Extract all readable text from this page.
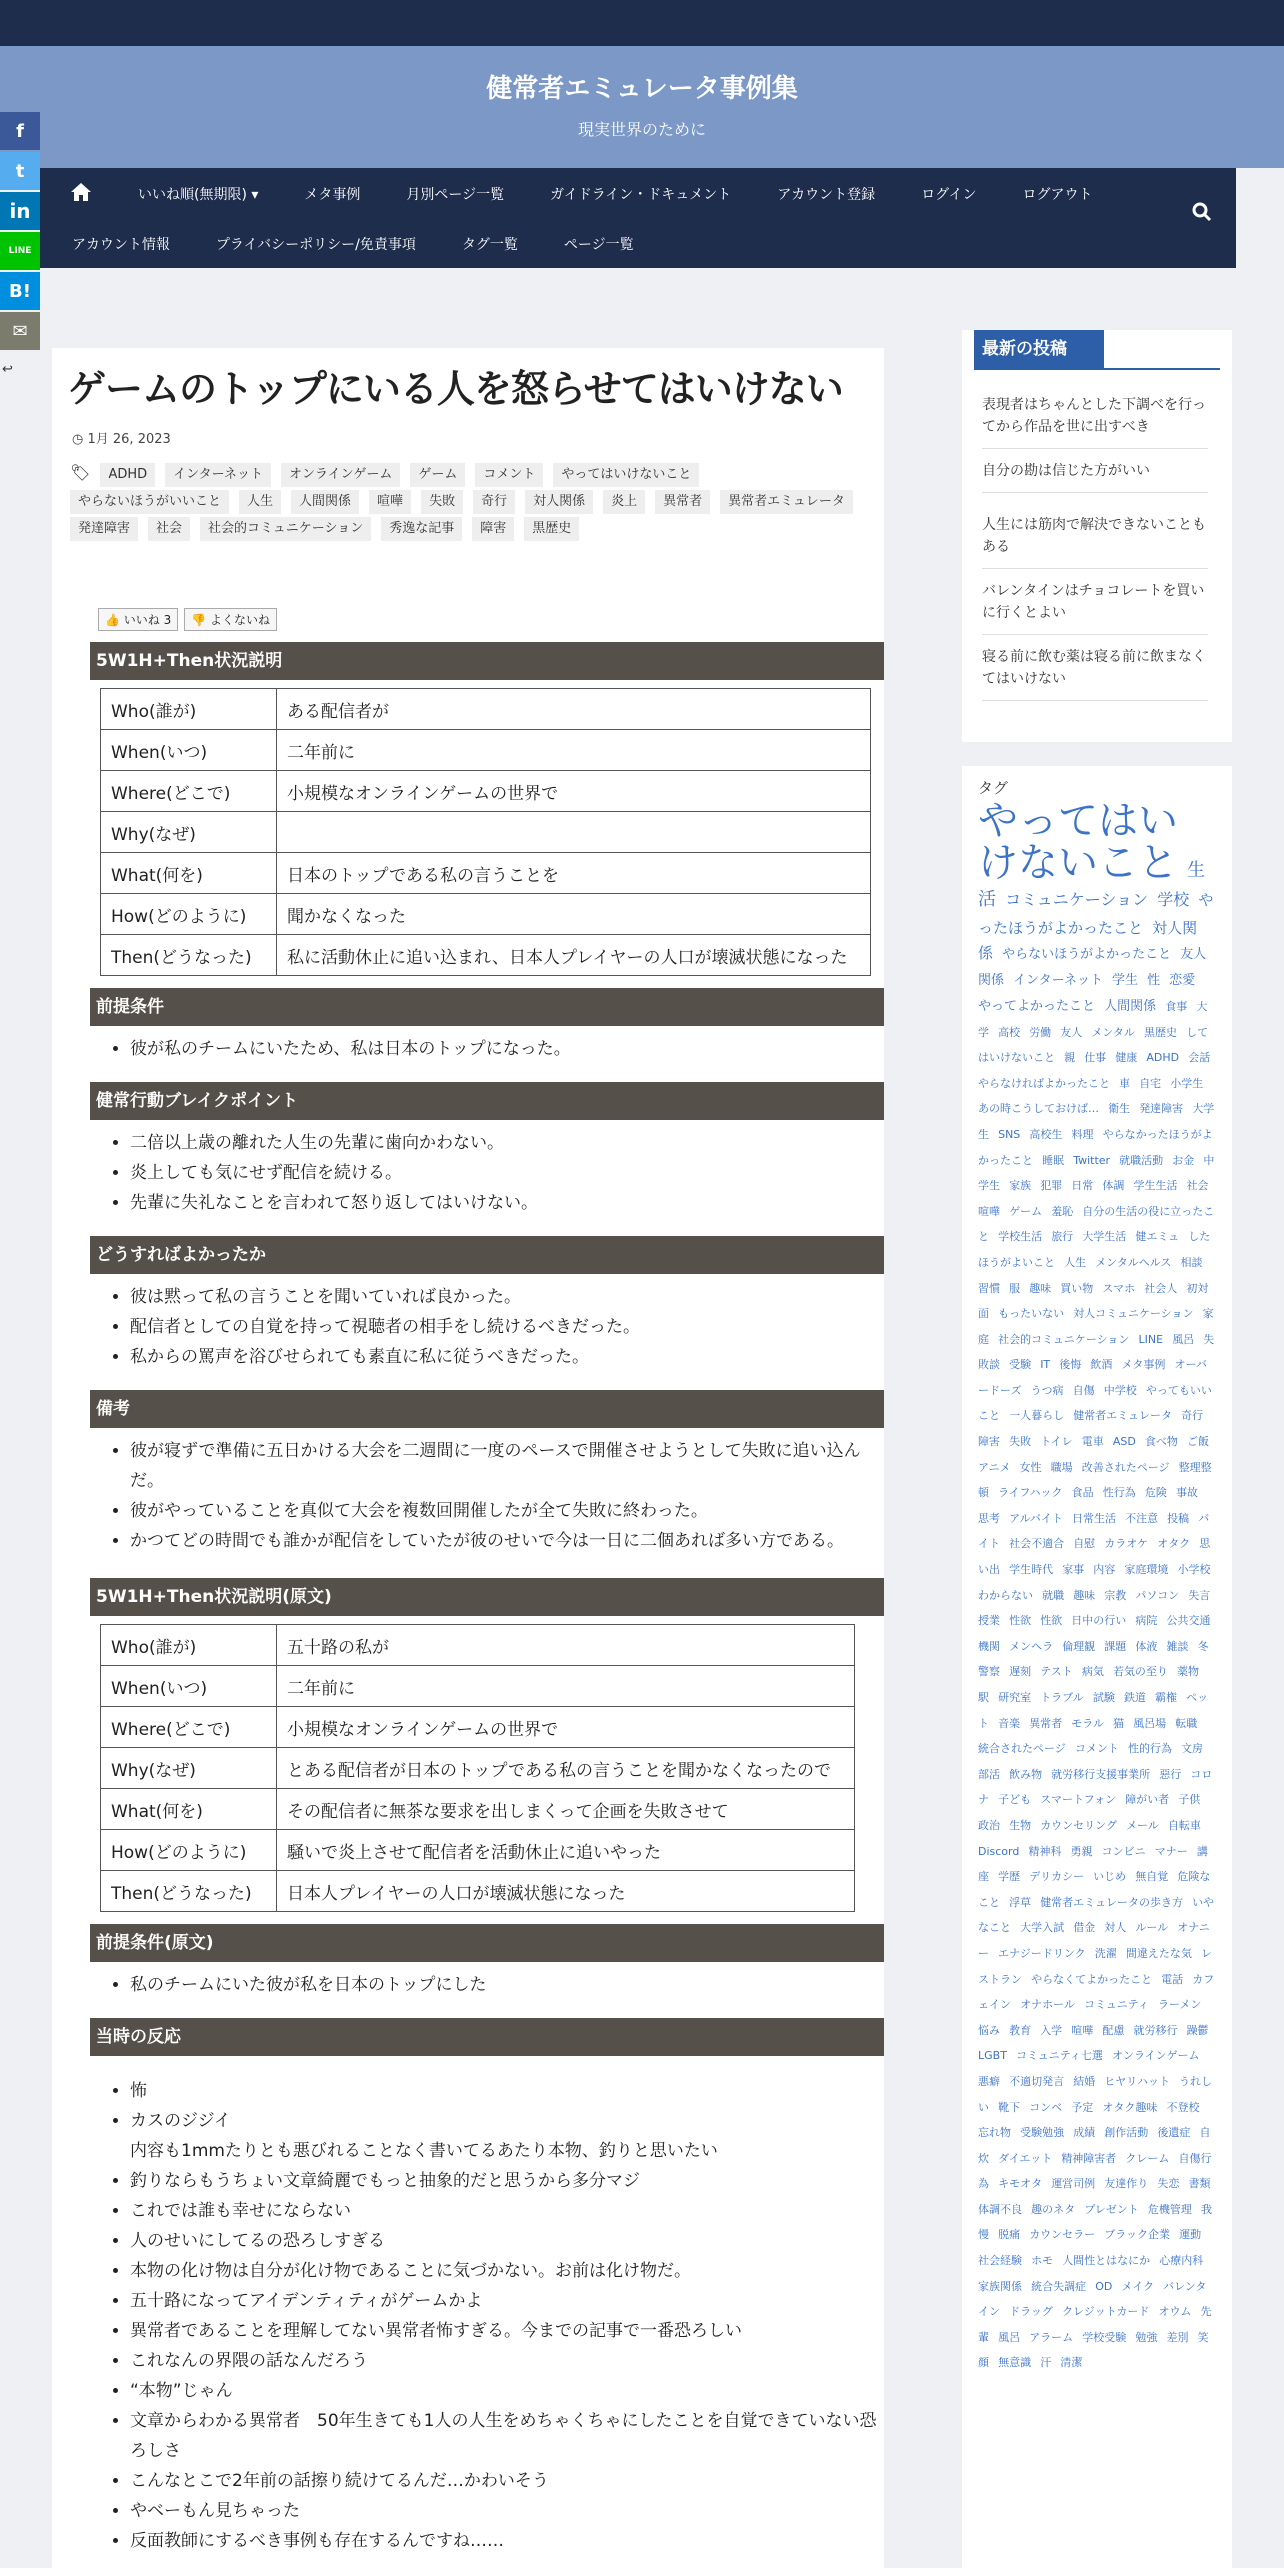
健常者エミュレータ事例集
現実世界のために
いいね順(無期限) ▾	メタ事例	月別ページ一覧	ガイドライン・ドキュメント	アカウント登録	ログイン	ログアウト
アカウント情報	プライバシーポリシー/免責事項	タグ一覧	ページ一覧
f
t
in
LINE
B!
✉
↩ ゲームのトップにいる人を怒らせてはいけない
◷ 1月 26, 2023
🏷 ADHD インターネット オンラインゲーム ゲーム コメント やってはいけないことやらないほうがいいこと 人生 人間関係 喧嘩 失敗 奇行 対人関係 炎上 異常者 異常者エミュレータ発達障害 社会 社会的コミュニケーション 秀逸な記事 障害 黒歴史
👍 いいね 3	👎 よくないね
5W1H+Then状況説明
Who(誰が)	ある配信者が
When(いつ)	二年前に
Where(どこで)	小規模なオンラインゲームの世界で
Why(なぜ)	
What(何を)	日本のトップである私の言うことを
How(どのように)	聞かなくなった
Then(どうなった)	私に活動休止に追い込まれ、日本人プレイヤーの人口が壊滅状態になった
前提条件
• 彼が私のチームにいたため、私は日本のトップになった。
健常行動ブレイクポイント
• 二倍以上歳の離れた人生の先輩に歯向かわない。
• 炎上しても気にせず配信を続ける。
• 先輩に失礼なことを言われて怒り返してはいけない。
どうすればよかったか
• 彼は黙って私の言うことを聞いていれば良かった。
• 配信者としての自覚を持って視聴者の相手をし続けるべきだった。
• 私からの罵声を浴びせられても素直に私に従うべきだった。
備考
• 彼が寝ずで準備に五日かける大会を二週間に一度のペースで開催させようとして失敗に追い込んだ。
• 彼がやっていることを真似て大会を複数回開催したが全て失敗に終わった。
• かつてどの時間でも誰かが配信をしていたが彼のせいで今は一日に二個あれば多い方である。
5W1H+Then状況説明(原文)
Who(誰が)	五十路の私が
When(いつ)	二年前に
Where(どこで)	小規模なオンラインゲームの世界で
Why(なぜ)	とある配信者が日本のトップである私の言うことを聞かなくなったので
What(何を)	その配信者に無茶な要求を出しまくって企画を失敗させて
How(どのように)	騒いで炎上させて配信者を活動休止に追いやった
Then(どうなった)	日本人プレイヤーの人口が壊滅状態になった
前提条件(原文)
• 私のチームにいた彼が私を日本のトップにした
当時の反応
• 怖
• カスのジジイ
内容も1mmたりとも悪びれることなく書いてるあたり本物、釣りと思いたい
• 釣りならもうちょい文章綺麗でもっと抽象的だと思うから多分マジ
• これでは誰も幸せにならない
• 人のせいにしてるの恐ろしすぎる
• 本物の化け物は自分が化け物であることに気づかない。お前は化け物だ。
• 五十路になってアイデンティティがゲームかよ
• 異常者であることを理解してない異常者怖すぎる。今までの記事で一番恐ろしい
• これなんの界隈の話なんだろう
• “本物”じゃん
• 文章からわかる異常者　50年生きても1人の人生をめちゃくちゃにしたことを自覚できていない恐ろしさ
• こんなとこで2年前の話擦り続けてるんだ…かわいそう
• やベーもん見ちゃった
• 反面教師にするべき事例も存在するんですね……
最新の投稿
表現者はちゃんとした下調べを行ってから作品を世に出すべき
自分の勘は信じた方がいい
人生には筋肉で解決できないこともある
バレンタインはチョコレートを買いに行くとよい
寝る前に飲む薬は寝る前に飲まなくてはいけない
タグ
やってはいけないこと 生活 コミュニケーション 学校 やったほうがよかったこと 対人関係 やらないほうがよかったこと 友人関係 インターネット 学生 性 恋愛 やってよかったこと 人間関係 食事 大学 高校 労働 友人 メンタル 黒歴史 してはいけないこと 親 仕事 健康 ADHD 会話 やらなければよかったこと 車 自宅 小学生 あの時こうしておけば… 衛生 発達障害 大学生 SNS 高校生 料理 やらなかったほうがよかったこと 睡眠 Twitter 就職活動 お金 中学生 家族 犯罪 日常 体調 学生生活 社会 喧嘩 ゲーム 羞恥 自分の生活の役に立ったこと 学校生活 旅行 大学生活 健エミュ したほうがよいこと 人生 メンタルヘルス 相談 習慣 服 趣味 買い物 スマホ 社会人 初対面 もったいない 対人コミュニケーション 家庭 社会的コミュニケーション LINE 風呂 失敗談 受験 IT 後悔 飲酒 メタ事例 オーバードーズ うつ病 自傷 中学校 やってもいいこと 一人暮らし 健常者エミュレータ 奇行 障害 失敗 トイレ 電車 ASD 食べ物 ご飯 アニメ 女性 職場 改善されたページ 整理整頓 ライフハック 食品 性行為 危険 事故 思考 アルバイト 日常生活 不注意 投稿 バイト 社会不適合 自慰 カラオケ オタク 思い出 学生時代 家事 内容 家庭環境 小学校 わからない 就職 趣味 宗教 パソコン 失言 授業 性欲 性欲 日中の行い 病院 公共交通機関 メンヘラ 倫理観 課題 体液 雑談 冬 警察 遅刻 テスト 病気 若気の至り 薬物 駅 研究室 トラブル 試験 鉄道 霸権 ペット 音楽 異常者 モラル 猫 風呂場 転職 統合されたページ コメント 性的行為 文房 部活 飲み物 就労移行支援事業所 惡行 コロナ 子ども スマートフォン 障がい者 子供 政治 生物 カウンセリング メール 自転車 Discord 精神科 勇親 コンビニ マナー 講座 学歴 デリカシー いじめ 無自覚 危険なこと 浮草 健常者エミュレータの歩き方 いやなこと 大学入試 借金 対人 ルール オナニー エナジードリンク 洗濯 間違えたな気 レストラン やらなくてよかったこと 電話 カフェイン オナホール コミュニティ ラーメン 悩み 教育 入学 喧嘩 配慮 就労移行 躁鬱 LGBT コミュニティ七選 オンラインゲーム 悪癖 不適切発言 結婚 ヒヤリハット うれしい 靴下 コンベ 予定 オタク趣味 不登校 忘れ物 受験勉強 成績 創作活動 後遺症 自炊 ダイエット 精神障害者 クレーム 自傷行為 キモオタ 運営司例 友達作り 失恋 書類 体調不良 趣のネタ プレゼント 危機管理 我慢 脱痛 カウンセラー ブラック企業 運動 社会経験 ホモ 人間性とはなにか 心療内科 家族関係 統合失調症 OD メイク バレンタイン ドラッグ クレジットカード オウム 先輩 風呂 アラーム 学校受験 勉強 差別 笑顔 無意識 汗 清潔
